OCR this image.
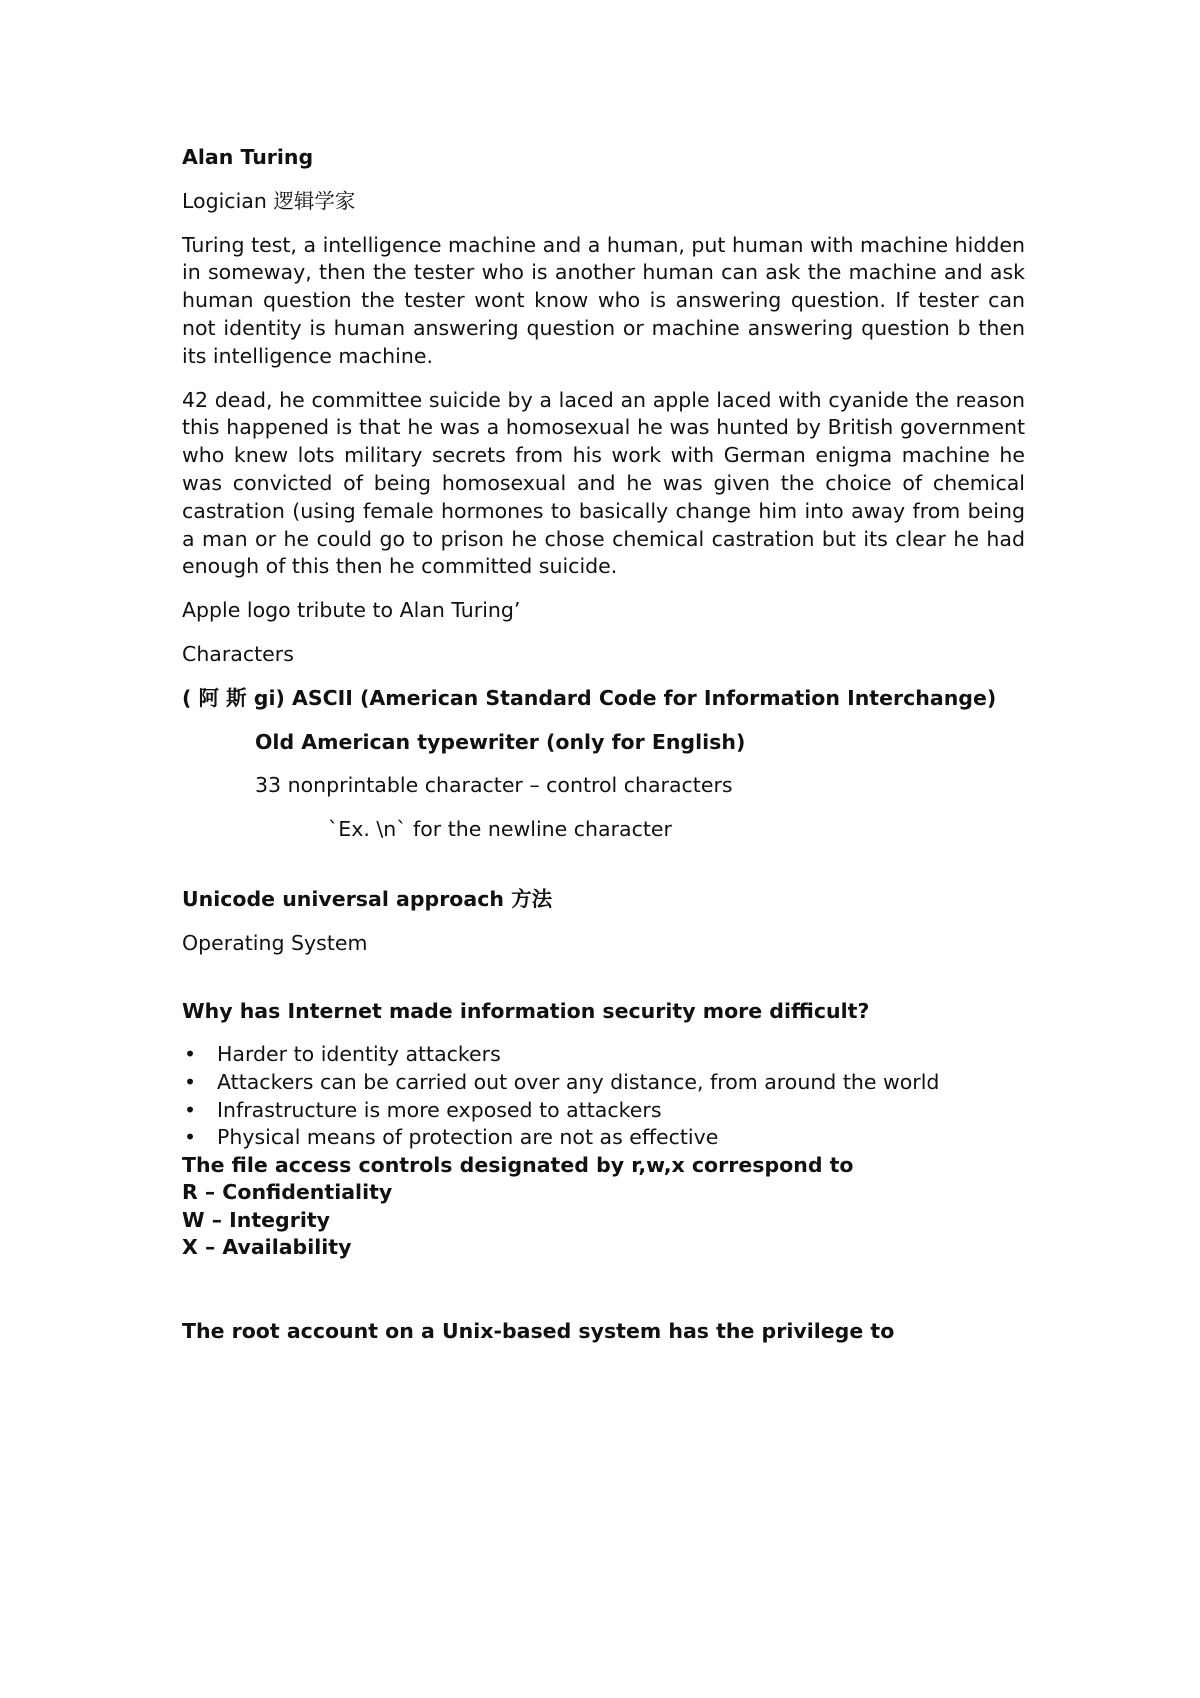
Alan Turing

Logician 逻辑学家

Turing test, a intelligence machine and a human, put human with machine hidden in someway, then the tester who is another human can ask the machine and ask human question the tester wont know who is answering question. If tester can not identity is human answering question or machine answering question b then its intelligence machine.

42 dead, he committee suicide by a laced an apple laced with cyanide the reason this happened is that he was a homosexual he was hunted by British government who knew lots military secrets from his work with German enigma machine he was convicted of being homosexual and he was given the choice of chemical castration (using female hormones to basically change him into away from being a man or he could go to prison he chose chemical castration but its clear he had enough of this then he committed suicide.

Apple logo tribute to Alan Turing’

Characters

( 阿 斯 gi) ASCII (American Standard Code for Information Interchange)

Old American typewriter (only for English)

33 nonprintable character – control characters

`Ex. \n` for the newline character

Unicode universal approach 方法

Operating System

Why has Internet made information security more difficult?

• Harder to identity attackers
• Attackers can be carried out over any distance, from around the world
• Infrastructure is more exposed to attackers
• Physical means of protection are not as effective

The file access controls designated by r,w,x correspond to

R – Confidentiality

W – Integrity

X – Availability

The root account on a Unix-based system has the privilege to
